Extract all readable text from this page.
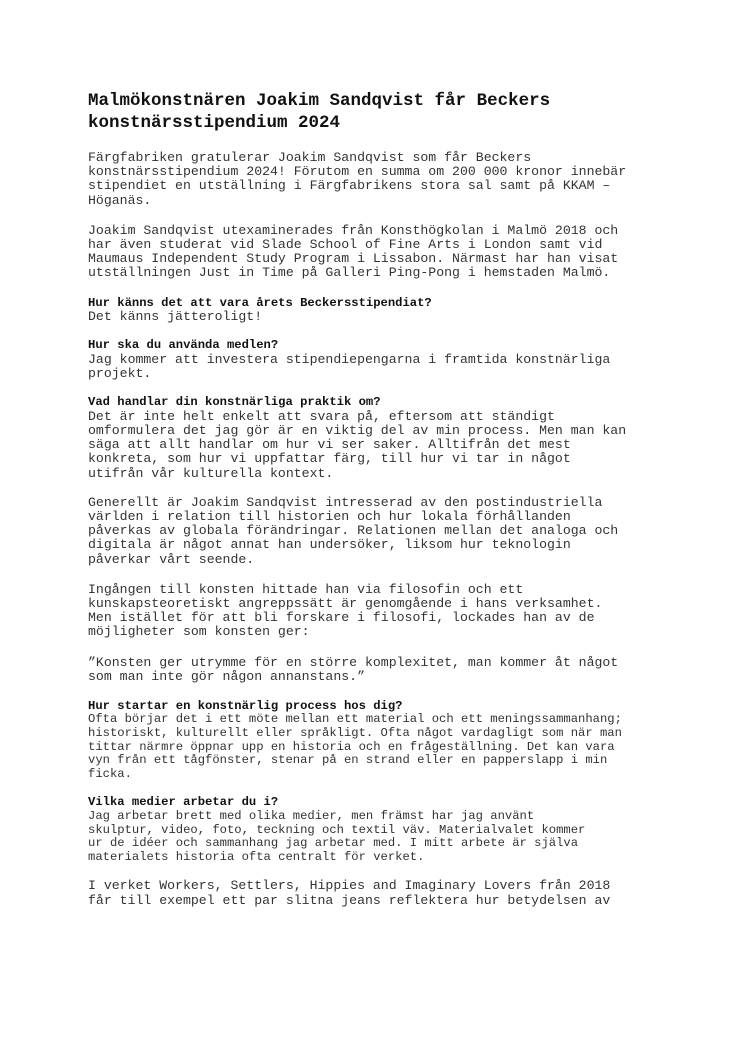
Malmökonstnären Joakim Sandqvist får Beckers
konstnärsstipendium 2024

Färgfabriken gratulerar Joakim Sandqvist som får Beckers
konstnärsstipendium 2024! Förutom en summa om 200 000 kronor innebär
stipendiet en utställning i Färgfabrikens stora sal samt på KKAM –
Höganäs.

Joakim Sandqvist utexaminerades från Konsthögkolan i Malmö 2018 och
har även studerat vid Slade School of Fine Arts i London samt vid
Maumaus Independent Study Program i Lissabon. Närmast har han visat
utställningen Just in Time på Galleri Ping-Pong i hemstaden Malmö.

Hur känns det att vara årets Beckersstipendiat?
Det känns jätteroligt!
Hur ska du använda medlen?
Jag kommer att investera stipendiepengarna i framtida konstnärliga
projekt.
Vad handlar din konstnärliga praktik om?
Det är inte helt enkelt att svara på, eftersom att ständigt
omformulera det jag gör är en viktig del av min process. Men man kan
säga att allt handlar om hur vi ser saker. Alltifrån det mest
konkreta, som hur vi uppfattar färg, till hur vi tar in något
utifrån vår kulturella kontext.

Generellt är Joakim Sandqvist intresserad av den postindustriella
världen i relation till historien och hur lokala förhållanden
påverkas av globala förändringar. Relationen mellan det analoga och
digitala är något annat han undersöker, liksom hur teknologin
påverkar vårt seende.

Ingången till konsten hittade han via filosofin och ett
kunskapsteoretiskt angreppssätt är genomgående i hans verksamhet.
Men istället för att bli forskare i filosofi, lockades han av de
möjligheter som konsten ger:

”Konsten ger utrymme för en större komplexitet, man kommer åt något
som man inte gör någon annanstans.”

Hur startar en konstnärlig process hos dig?
Ofta börjar det i ett möte mellan ett material och ett meningssammanhang;
historiskt, kulturellt eller språkligt. Ofta något vardagligt som när man
tittar närmre öppnar upp en historia och en frågeställning. Det kan vara
vyn från ett tågfönster, stenar på en strand eller en papperslapp i min
ficka.
Vilka medier arbetar du i?
Jag arbetar brett med olika medier, men främst har jag använt
skulptur, video, foto, teckning och textil väv. Materialvalet kommer
ur de idéer och sammanhang jag arbetar med. I mitt arbete är själva
materialets historia ofta centralt för verket.

I verket Workers, Settlers, Hippies and Imaginary Lovers från 2018
får till exempel ett par slitna jeans reflektera hur betydelsen av
